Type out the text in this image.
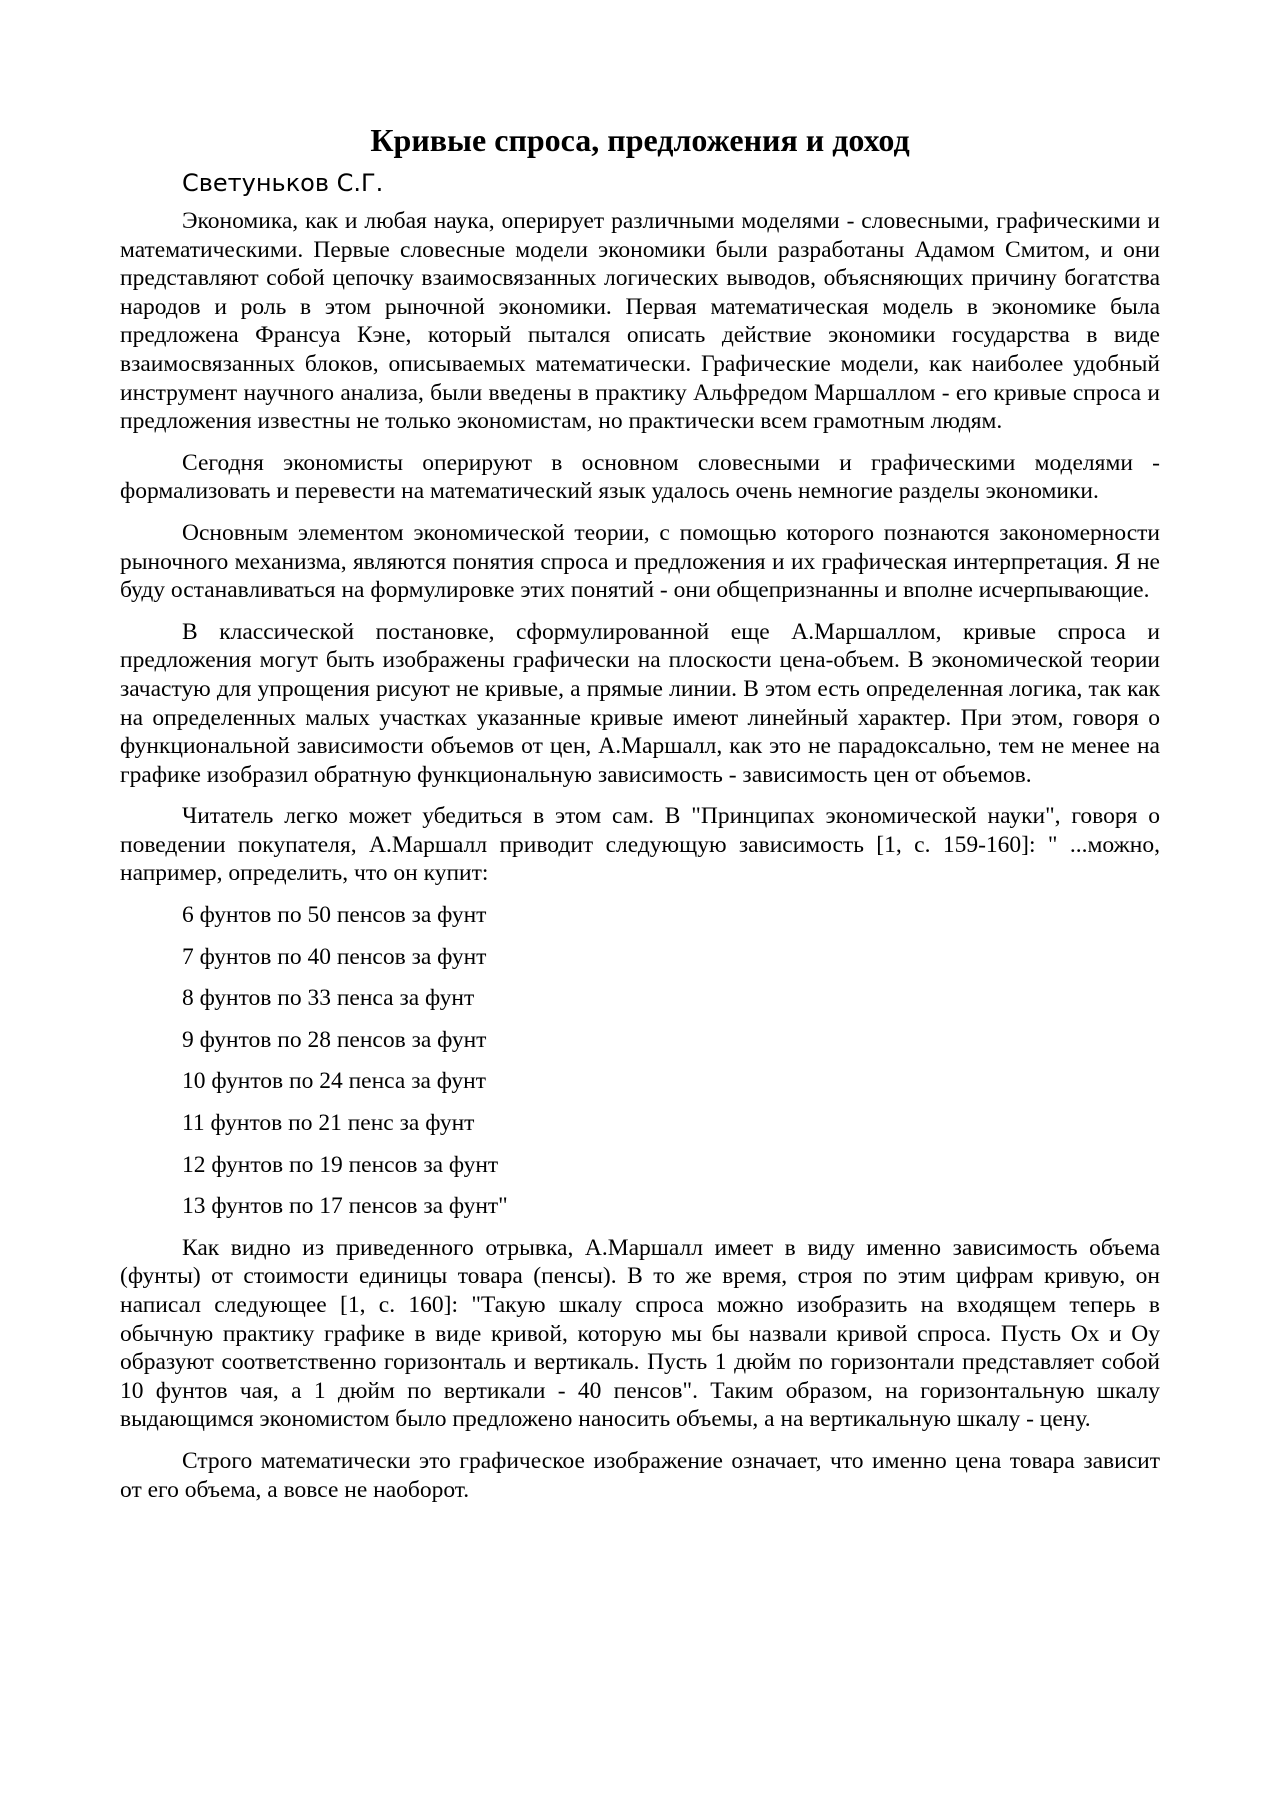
Кривые спроса, предложения и доход
Светуньков С.Г.

Экономика, как и любая наука, оперирует различными моделями - словесными, графическими и математическими. Первые словесные модели экономики были разработаны Адамом Смитом, и они представляют собой цепочку взаимосвязанных логических выводов, объясняющих причину богатства народов и роль в этом рыночной экономики. Первая математическая модель в экономике была предложена Франсуа Кэне, который пытался описать действие экономики государства в виде взаимосвязанных блоков, описываемых математически. Графические модели, как наиболее удобный инструмент научного анализа, были введены в практику Альфредом Маршаллом - его кривые спроса и предложения известны не только экономистам, но практически всем грамотным людям.

Сегодня экономисты оперируют в основном словесными и графическими моделями - формализовать и перевести на математический язык удалось очень немногие разделы экономики.

Основным элементом экономической теории, с помощью которого познаются закономерности рыночного механизма, являются понятия спроса и предложения и их графическая интерпретация. Я не буду останавливаться на формулировке этих понятий - они общепризнанны и вполне исчерпывающие.

В классической постановке, сформулированной еще А.Маршаллом, кривые спроса и предложения могут быть изображены графически на плоскости цена-объем. В экономической теории зачастую для упрощения рисуют не кривые, а прямые линии. В этом есть определенная логика, так как на определенных малых участках указанные кривые имеют линейный характер. При этом, говоря о функциональной зависимости объемов от цен, А.Маршалл, как это не парадоксально, тем не менее на графике изобразил обратную функциональную зависимость - зависимость цен от объемов.

Читатель легко может убедиться в этом сам. В "Принципах экономической науки", говоря о поведении покупателя, А.Маршалл приводит следующую зависимость [1, с. 159-160]: " ...можно, например, определить, что он купит:

6 фунтов по 50 пенсов за фунт
7 фунтов по 40 пенсов за фунт
8 фунтов по 33 пенса за фунт
9 фунтов по 28 пенсов за фунт
10 фунтов по 24 пенса за фунт
11 фунтов по 21 пенс за фунт
12 фунтов по 19 пенсов за фунт
13 фунтов по 17 пенсов за фунт"

Как видно из приведенного отрывка, А.Маршалл имеет в виду именно зависимость объема (фунты) от стоимости единицы товара (пенсы). В то же время, строя по этим цифрам кривую, он написал следующее [1, с. 160]: "Такую шкалу спроса можно изобразить на входящем теперь в обычную практику графике в виде кривой, которую мы бы назвали кривой спроса. Пусть Ох и Оу образуют соответственно горизонталь и вертикаль. Пусть 1 дюйм по горизонтали представляет собой 10 фунтов чая, а 1 дюйм по вертикали - 40 пенсов". Таким образом, на горизонтальную шкалу выдающимся экономистом было предложено наносить объемы, а на вертикальную шкалу - цену.

Строго математически это графическое изображение означает, что именно цена товара зависит от его объема, а вовсе не наоборот.
